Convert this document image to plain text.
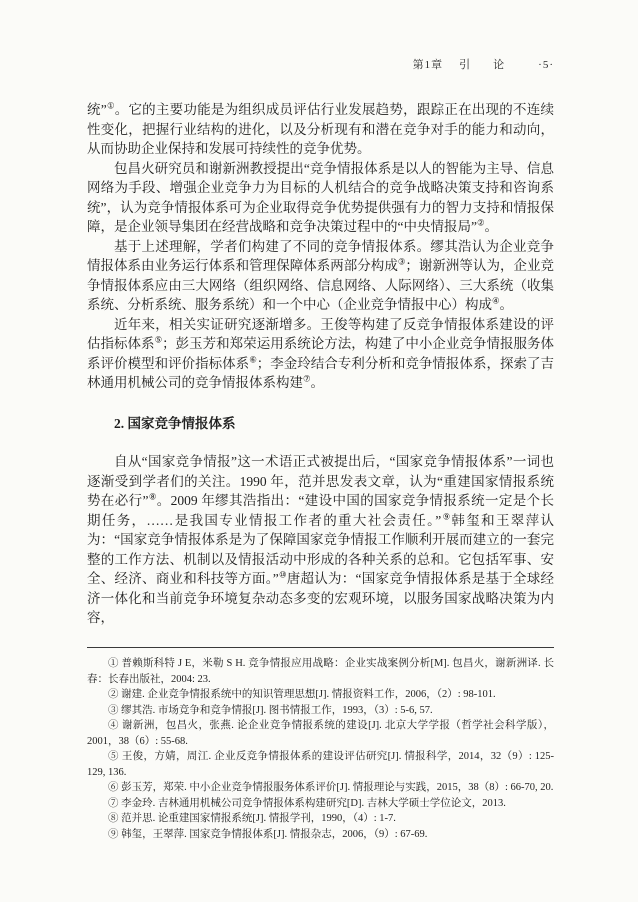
第1章 引　论	·5·

统”①。它的主要功能是为组织成员评估行业发展趋势，跟踪正在出现的不连续性变化，把握行业结构的进化，以及分析现有和潜在竞争对手的能力和动向，从而协助企业保持和发展可持续性的竞争优势。

包昌火研究员和谢新洲教授提出“竞争情报体系是以人的智能为主导、信息网络为手段、增强企业竞争力为目标的人机结合的竞争战略决策支持和咨询系统”，认为竞争情报体系可为企业取得竞争优势提供强有力的智力支持和情报保障，是企业领导集团在经营战略和竞争决策过程中的“中央情报局”②。

基于上述理解，学者们构建了不同的竞争情报体系。缪其浩认为企业竞争情报体系由业务运行体系和管理保障体系两部分构成③；谢新洲等认为，企业竞争情报体系应由三大网络（组织网络、信息网络、人际网络）、三大系统（收集系统、分析系统、服务系统）和一个中心（企业竞争情报中心）构成④。

近年来，相关实证研究逐渐增多。王俊等构建了反竞争情报体系建设的评估指标体系⑤；彭玉芳和郑荣运用系统论方法，构建了中小企业竞争情报服务体系评价模型和评价指标体系⑥；李金玲结合专利分析和竞争情报体系，探索了吉林通用机械公司的竞争情报体系构建⑦。

2. 国家竞争情报体系

自从“国家竞争情报”这一术语正式被提出后，“国家竞争情报体系”一词也逐渐受到学者们的关注。1990 年，范并思发表文章，认为“重建国家情报系统势在必行”⑧。2009 年缪其浩指出：“建设中国的国家竞争情报系统一定是个长期任务，……是我国专业情报工作者的重大社会责任。”⑨韩玺和王翠萍认为：“国家竞争情报体系是为了保障国家竞争情报工作顺利开展而建立的一套完整的工作方法、机制以及情报活动中形成的各种关系的总和。它包括军事、安全、经济、商业和科技等方面。”⑩唐超认为：“国家竞争情报体系是基于全球经济一体化和当前竞争环境复杂动态多变的宏观环境，以服务国家战略决策为内容，

① 普赖斯科特 J E，米勒 S H. 竞争情报应用战略：企业实战案例分析[M]. 包昌火，谢新洲译. 长春：长春出版社，2004: 23.

② 谢建. 企业竞争情报系统中的知识管理思想[J]. 情报资料工作，2006，（2）: 98-101.

③ 缪其浩. 市场竞争和竞争情报[J]. 图书情报工作，1993，（3）: 5-6, 57.

④ 谢新洲，包昌火，张燕. 论企业竞争情报系统的建设[J]. 北京大学学报（哲学社会科学版），2001，38（6）: 55-68.

⑤ 王俊，方婧，周江. 企业反竞争情报体系的建设评估研究[J]. 情报科学，2014，32（9）: 125-129, 136.

⑥ 彭玉芳，郑荣. 中小企业竞争情报服务体系评价[J]. 情报理论与实践，2015，38（8）: 66-70, 20.

⑦ 李金玲. 吉林通用机械公司竞争情报体系构建研究[D]. 吉林大学硕士学位论文，2013.

⑧ 范并思. 论重建国家情报系统[J]. 情报学刊，1990，（4）: 1-7.

⑨ 韩玺，王翠萍. 国家竞争情报体系[J]. 情报杂志，2006，（9）: 67-69.
